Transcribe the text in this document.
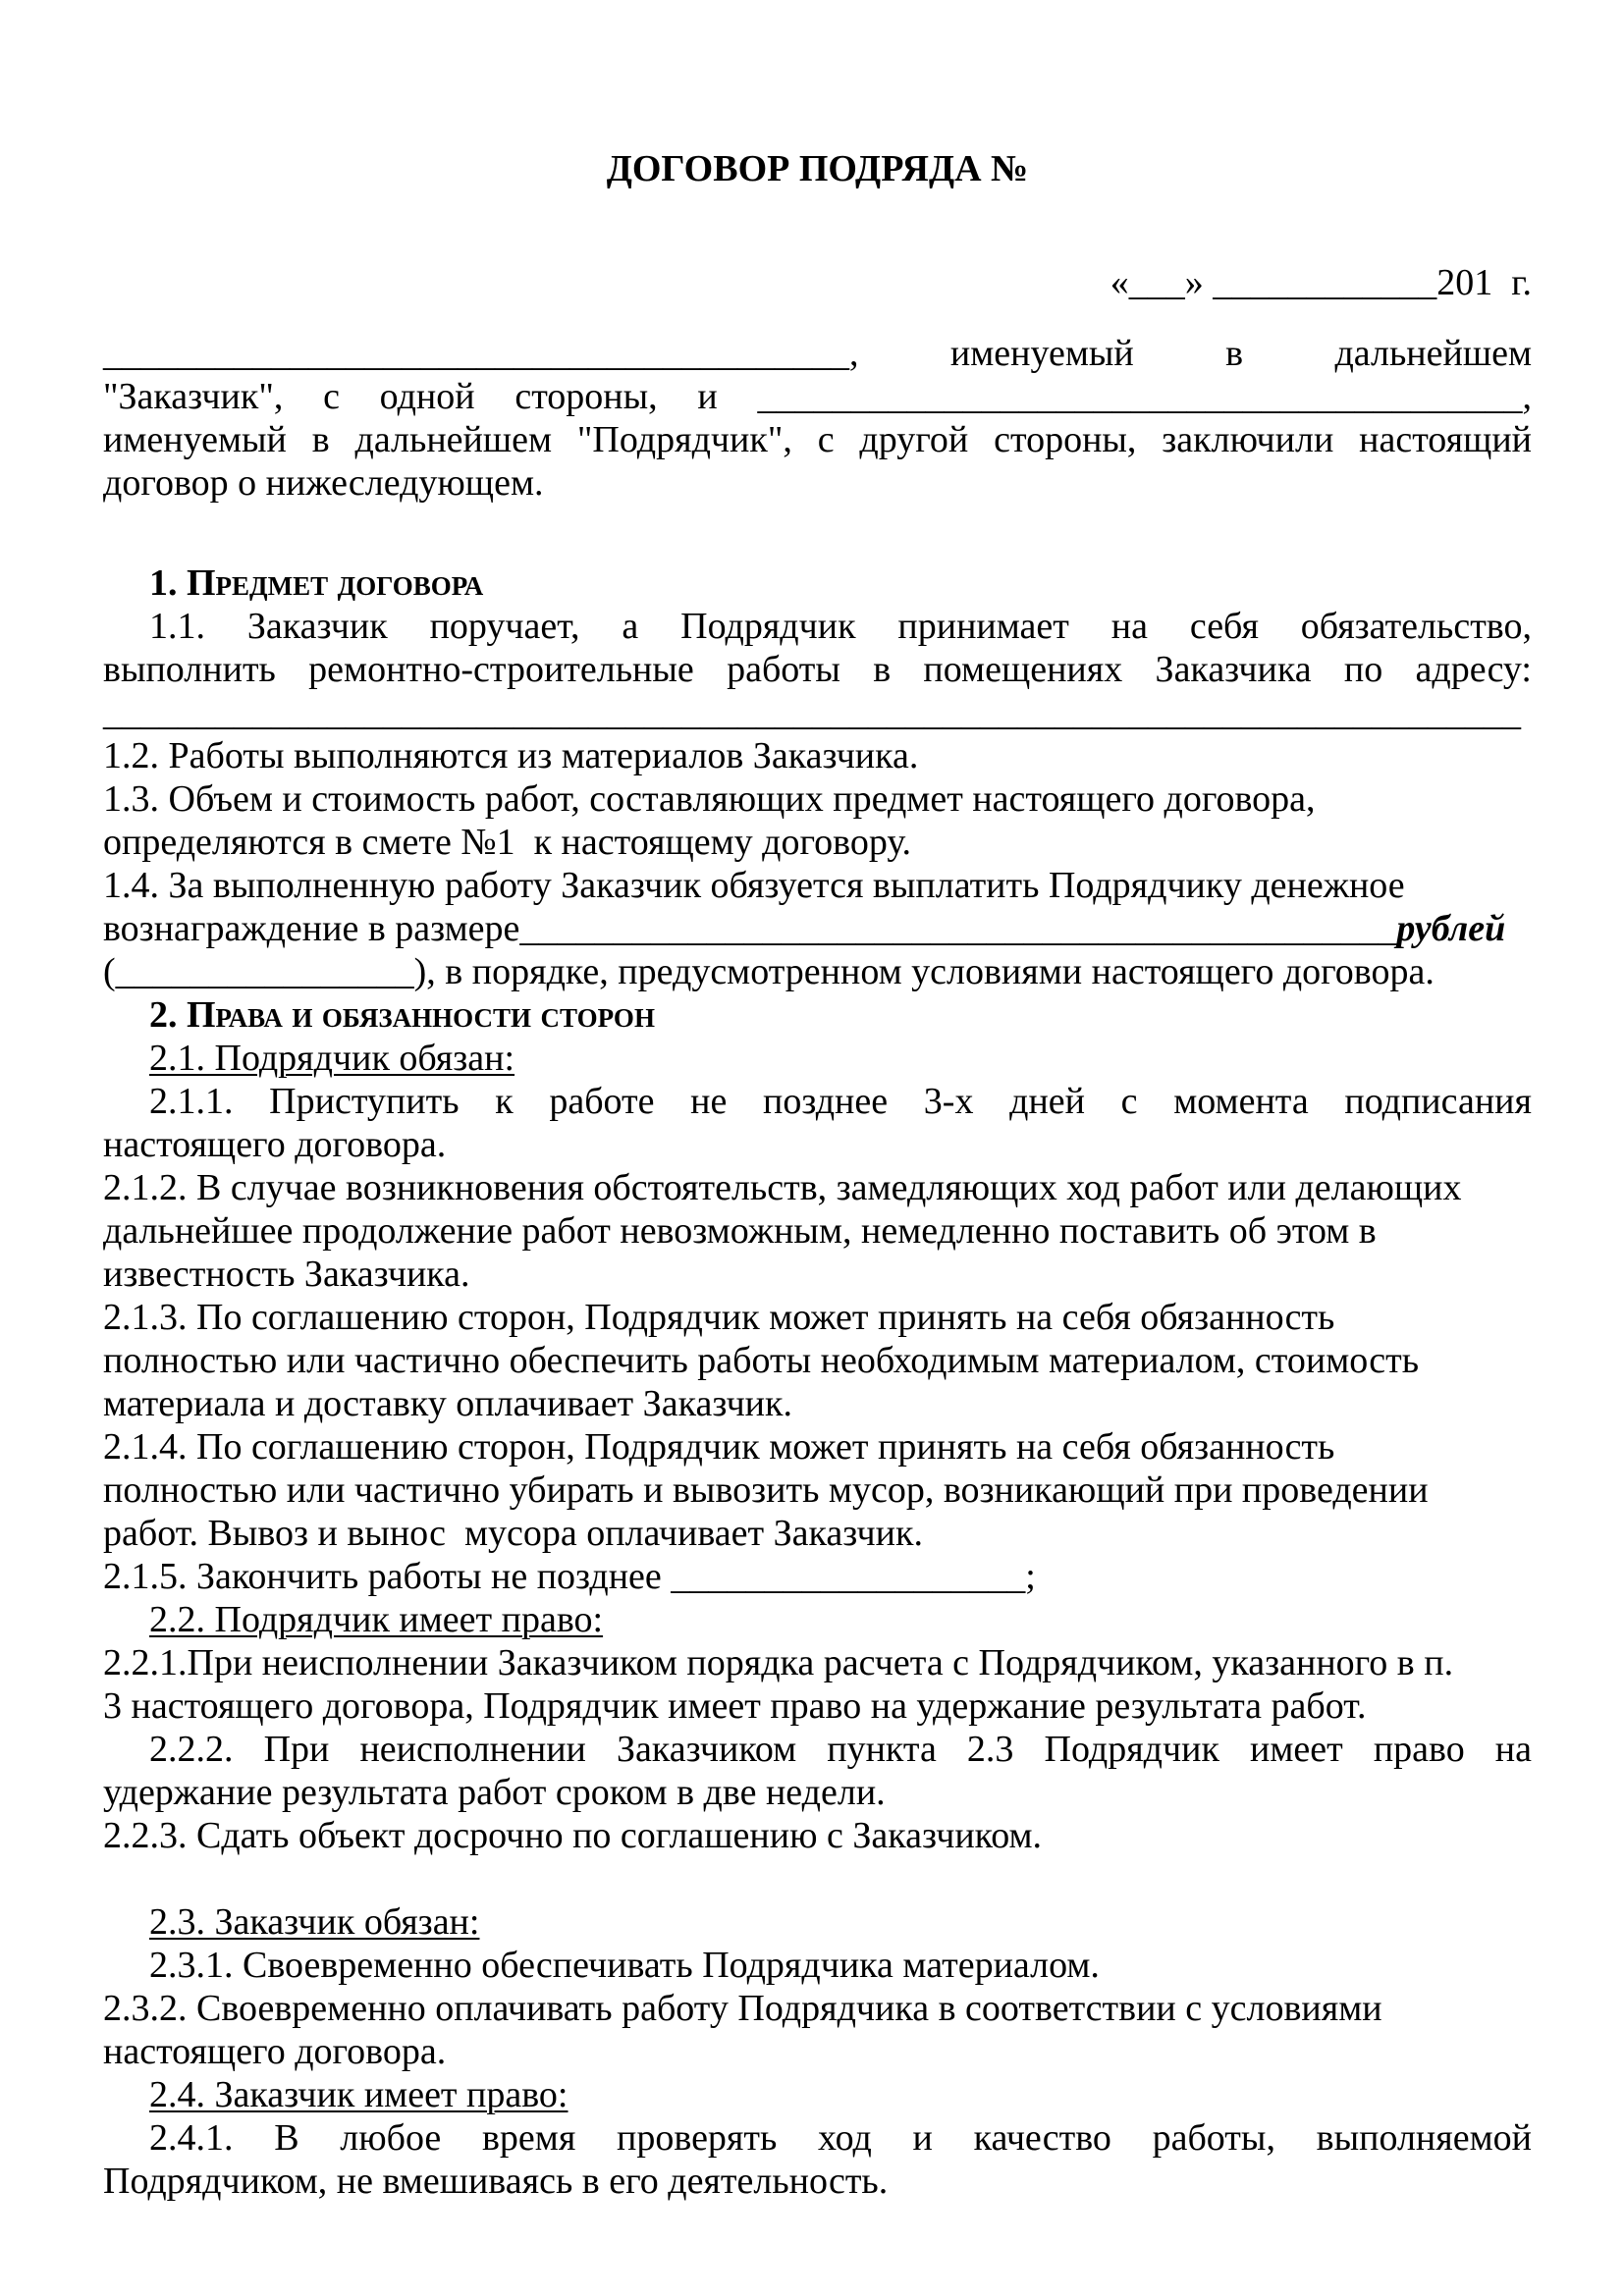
ДОГОВОР ПОДРЯДА №
«___» ____________201  г.
________________________________________, именуемый в дальнейшем
"Заказчик", с одной стороны, и _________________________________________,
именуемый в дальнейшем "Подрядчик", с другой стороны, заключили настоящий
договор о нижеследующем.
1. Предмет договора
1.1. Заказчик поручает, а Подрядчик принимает на себя обязательство,
выполнить ремонтно-строительные работы в помещениях Заказчика по адресу:
____________________________________________________________________________
1.2. Работы выполняются из материалов Заказчика.
1.3. Объем и стоимость работ, составляющих предмет настоящего договора,
определяются в смете №1  к настоящему договору.
1.4. За выполненную работу Заказчик обязуется выплатить Подрядчику денежное
вознаграждение в размере_______________________________________________рублей
(________________), в порядке, предусмотренном условиями настоящего договора.
2. Права и обязанности сторон
2.1. Подрядчик обязан:
2.1.1. Приступить к работе не позднее 3-х дней с момента подписания
настоящего договора.
2.1.2. В случае возникновения обстоятельств, замедляющих ход работ или делающих
дальнейшее продолжение работ невозможным, немедленно поставить об этом в
известность Заказчика.
2.1.3. По соглашению сторон, Подрядчик может принять на себя обязанность
полностью или частично обеспечить работы необходимым материалом, стоимость
материала и доставку оплачивает Заказчик.
2.1.4. По соглашению сторон, Подрядчик может принять на себя обязанность
полностью или частично убирать и вывозить мусор, возникающий при проведении
работ. Вывоз и вынос  мусора оплачивает Заказчик.
2.1.5. Закончить работы не позднее ___________________;
2.2. Подрядчик имеет право:
2.2.1.При неисполнении Заказчиком порядка расчета с Подрядчиком, указанного в п.
3 настоящего договора, Подрядчик имеет право на удержание результата работ.
2.2.2. При неисполнении Заказчиком пункта 2.3 Подрядчик имеет право на
удержание результата работ сроком в две недели.
2.2.3. Сдать объект досрочно по соглашению с Заказчиком.
2.3. Заказчик обязан:
2.3.1. Своевременно обеспечивать Подрядчика материалом.
2.3.2. Своевременно оплачивать работу Подрядчика в соответствии с условиями
настоящего договора.
2.4. Заказчик имеет право:
2.4.1. В любое время проверять ход и качество работы, выполняемой
Подрядчиком, не вмешиваясь в его деятельность.
